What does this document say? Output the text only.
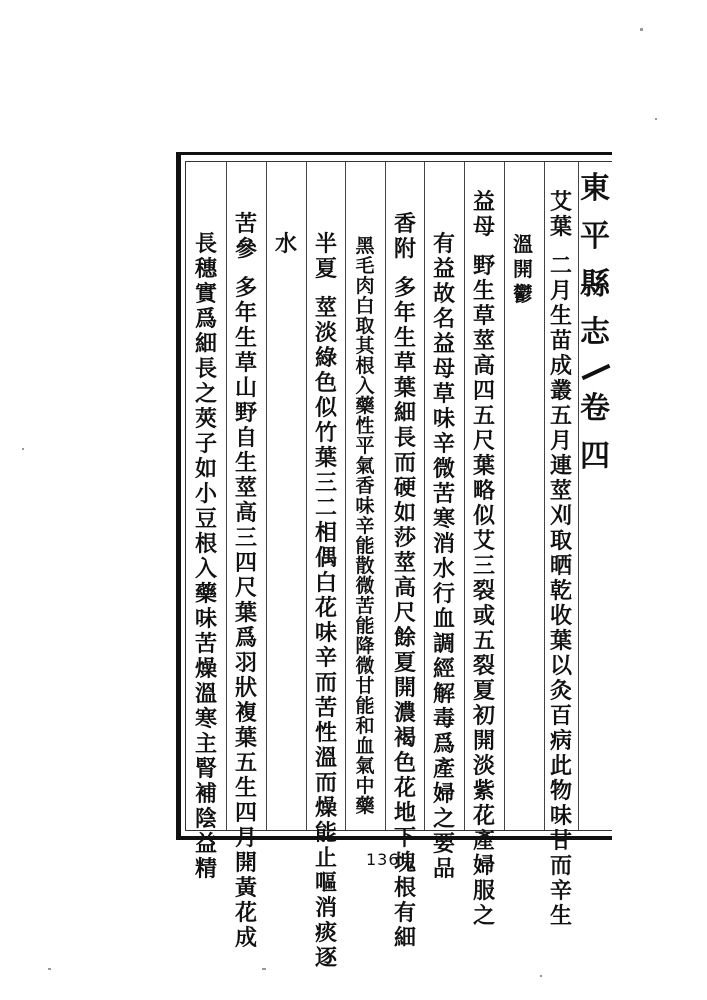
東
平
縣
志
卷
四
艾
葉
二
月
生
苗
成
叢
五
月
連
莖
刈
取
晒
乾
收
葉
以
灸
百
病
此
物
味
甘
而
辛
生
溫
開
鬱
益
母
野
生
草
莖
高
四
五
尺
葉
略
似
艾
三
裂
或
五
裂
夏
初
開
淡
紫
花
產
婦
服
之
有
益
故
名
益
母
草
味
辛
微
苦
寒
消
水
行
血
調
經
解
毒
爲
產
婦
之
要
品
香
附
多
年
生
草
葉
細
長
而
硬
如
莎
莖
高
尺
餘
夏
開
濃
褐
色
花
地
下
塊
根
有
細
黑
毛
肉
白
取
其
根
入
藥
性
平
氣
香
味
辛
能
散
微
苦
能
降
微
甘
能
和
血
氣
中
藥
半
夏
莖
淡
綠
色
似
竹
葉
三
二
相
偶
白
花
味
辛
而
苦
性
溫
而
燥
能
止
嘔
消
痰
逐
水
苦
參
多
年
生
草
山
野
自
生
莖
高
三
四
尺
葉
爲
羽
狀
複
葉
五
生
四
月
開
黃
花
成
長
穗
實
爲
細
長
之
莢
子
如
小
豆
根
入
藥
味
苦
燥
溫
寒
主
腎
補
陰
益
精	136
